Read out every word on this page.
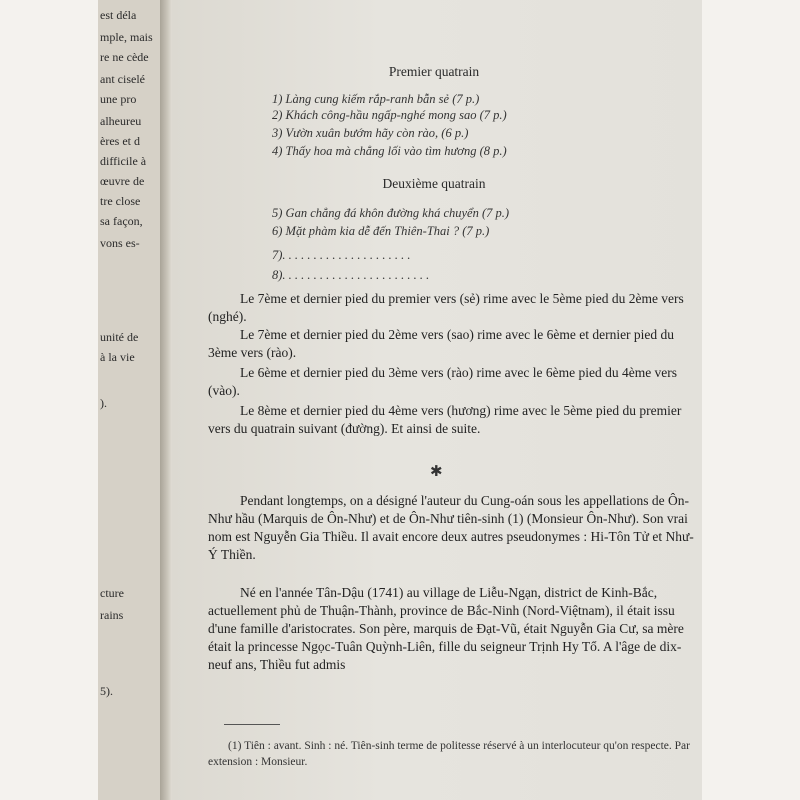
est déla
mple, mais
re ne cède
ant ciselé
une pro
alheureu
ères et d
difficile à
œuvre de
tre close
sa façon,
vons es-
unité de
à la vie
).
cture
rains
5).
Premier quatrain
1) Làng cung kiếm rắp-ranh bẫn sẻ (7 p.)
2) Khách công-hầu ngấp-nghé mong sao (7 p.)
3) Vườn xuân bướm hãy còn rào, (6 p.)
4) Thấy hoa mà chẳng lối vào tìm hương (8 p.)
Deuxième quatrain
5) Gan chẳng đá khôn đường khá chuyển (7 p.)
6) Mặt phàm kia dễ đến Thiên-Thai ? (7 p.)
7). . . . . . . . . . . . . . . . . . . . .
8). . . . . . . . . . . . . . . . . . . . . . . .
Le 7ème et dernier pied du premier vers (sẻ) rime avec le 5ème pied du 2ème vers (nghé).
Le 7ème et dernier pied du 2ème vers (sao) rime avec le 6ème et dernier pied du 3ème vers (rào).
Le 6ème et dernier pied du 3ème vers (rào) rime avec le 6ème pied du 4ème vers (vào).
Le 8ème et dernier pied du 4ème vers (hương) rime avec le 5ème pied du premier vers du quatrain suivant (đường). Et ainsi de suite.
✱
Pendant longtemps, on a désigné l'auteur du Cung-oán sous les appellations de Ôn-Như hầu (Marquis de Ôn-Như) et de Ôn-Như tiên-sinh (1) (Monsieur Ôn-Như). Son vrai nom est Nguyễn Gia Thiều. Il avait encore deux autres pseudonymes : Hi-Tôn Tử et Như-Ý Thiền.
Né en l'année Tân-Dậu (1741) au village de Liễu-Ngạn, district de Kinh-Bắc, actuellement phủ de Thuận-Thành, province de Bắc-Ninh (Nord-Việtnam), il était issu d'une famille d'aristocrates. Son père, marquis de Đạt-Vũ, était Nguyễn Gia Cư, sa mère était la princesse Ngọc-Tuân Quỳnh-Liên, fille du seigneur Trịnh Hy Tổ. A l'âge de dix-neuf ans, Thiều fut admis
(1) Tiên : avant. Sinh : né. Tiên-sinh terme de politesse réservé à un interlocuteur qu'on respecte. Par extension : Monsieur.
